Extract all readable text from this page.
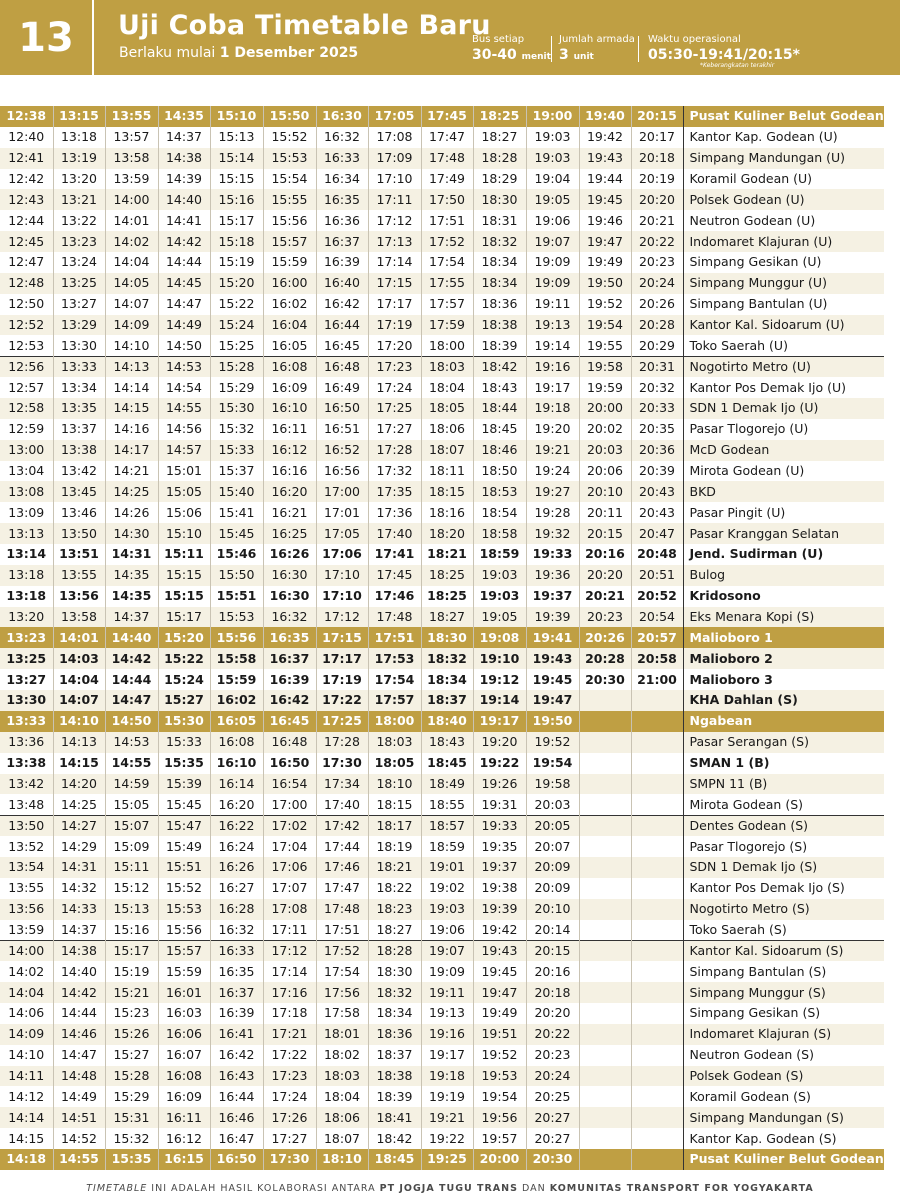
13	Uji Coba Timetable Baru
Berlaku mulai 1 Desember 2025
Bus setiap
30-40 menit
Jumlah armada
3 unit
Waktu operasional
05:30-19:41/20:15*
*Keberangkatan terakhir
12:38	13:15	13:55	14:35	15:10	15:50	16:30	17:05	17:45	18:25	19:00	19:40	20:15	Pusat Kuliner Belut Godean
12:40	13:18	13:57	14:37	15:13	15:52	16:32	17:08	17:47	18:27	19:03	19:42	20:17	Kantor Kap. Godean (U)
12:41	13:19	13:58	14:38	15:14	15:53	16:33	17:09	17:48	18:28	19:03	19:43	20:18	Simpang Mandungan (U)
12:42	13:20	13:59	14:39	15:15	15:54	16:34	17:10	17:49	18:29	19:04	19:44	20:19	Koramil Godean (U)
12:43	13:21	14:00	14:40	15:16	15:55	16:35	17:11	17:50	18:30	19:05	19:45	20:20	Polsek Godean (U)
12:44	13:22	14:01	14:41	15:17	15:56	16:36	17:12	17:51	18:31	19:06	19:46	20:21	Neutron Godean (U)
12:45	13:23	14:02	14:42	15:18	15:57	16:37	17:13	17:52	18:32	19:07	19:47	20:22	Indomaret Klajuran (U)
12:47	13:24	14:04	14:44	15:19	15:59	16:39	17:14	17:54	18:34	19:09	19:49	20:23	Simpang Gesikan (U)
12:48	13:25	14:05	14:45	15:20	16:00	16:40	17:15	17:55	18:34	19:09	19:50	20:24	Simpang Munggur (U)
12:50	13:27	14:07	14:47	15:22	16:02	16:42	17:17	17:57	18:36	19:11	19:52	20:26	Simpang Bantulan (U)
12:52	13:29	14:09	14:49	15:24	16:04	16:44	17:19	17:59	18:38	19:13	19:54	20:28	Kantor Kal. Sidoarum (U)
12:53	13:30	14:10	14:50	15:25	16:05	16:45	17:20	18:00	18:39	19:14	19:55	20:29	Toko Saerah (U)
12:56	13:33	14:13	14:53	15:28	16:08	16:48	17:23	18:03	18:42	19:16	19:58	20:31	Nogotirto Metro (U)
12:57	13:34	14:14	14:54	15:29	16:09	16:49	17:24	18:04	18:43	19:17	19:59	20:32	Kantor Pos Demak Ijo (U)
12:58	13:35	14:15	14:55	15:30	16:10	16:50	17:25	18:05	18:44	19:18	20:00	20:33	SDN 1 Demak Ijo (U)
12:59	13:37	14:16	14:56	15:32	16:11	16:51	17:27	18:06	18:45	19:20	20:02	20:35	Pasar Tlogorejo (U)
13:00	13:38	14:17	14:57	15:33	16:12	16:52	17:28	18:07	18:46	19:21	20:03	20:36	McD Godean
13:04	13:42	14:21	15:01	15:37	16:16	16:56	17:32	18:11	18:50	19:24	20:06	20:39	Mirota Godean (U)
13:08	13:45	14:25	15:05	15:40	16:20	17:00	17:35	18:15	18:53	19:27	20:10	20:43	BKD
13:09	13:46	14:26	15:06	15:41	16:21	17:01	17:36	18:16	18:54	19:28	20:11	20:43	Pasar Pingit (U)
13:13	13:50	14:30	15:10	15:45	16:25	17:05	17:40	18:20	18:58	19:32	20:15	20:47	Pasar Kranggan Selatan
13:14	13:51	14:31	15:11	15:46	16:26	17:06	17:41	18:21	18:59	19:33	20:16	20:48	Jend. Sudirman (U)
13:18	13:55	14:35	15:15	15:50	16:30	17:10	17:45	18:25	19:03	19:36	20:20	20:51	Bulog
13:18	13:56	14:35	15:15	15:51	16:30	17:10	17:46	18:25	19:03	19:37	20:21	20:52	Kridosono
13:20	13:58	14:37	15:17	15:53	16:32	17:12	17:48	18:27	19:05	19:39	20:23	20:54	Eks Menara Kopi (S)
13:23	14:01	14:40	15:20	15:56	16:35	17:15	17:51	18:30	19:08	19:41	20:26	20:57	Malioboro 1
13:25	14:03	14:42	15:22	15:58	16:37	17:17	17:53	18:32	19:10	19:43	20:28	20:58	Malioboro 2
13:27	14:04	14:44	15:24	15:59	16:39	17:19	17:54	18:34	19:12	19:45	20:30	21:00	Malioboro 3
13:30	14:07	14:47	15:27	16:02	16:42	17:22	17:57	18:37	19:14	19:47			KHA Dahlan (S)
13:33	14:10	14:50	15:30	16:05	16:45	17:25	18:00	18:40	19:17	19:50			Ngabean
13:36	14:13	14:53	15:33	16:08	16:48	17:28	18:03	18:43	19:20	19:52			Pasar Serangan (S)
13:38	14:15	14:55	15:35	16:10	16:50	17:30	18:05	18:45	19:22	19:54			SMAN 1 (B)
13:42	14:20	14:59	15:39	16:14	16:54	17:34	18:10	18:49	19:26	19:58			SMPN 11 (B)
13:48	14:25	15:05	15:45	16:20	17:00	17:40	18:15	18:55	19:31	20:03			Mirota Godean (S)
13:50	14:27	15:07	15:47	16:22	17:02	17:42	18:17	18:57	19:33	20:05			Dentes Godean (S)
13:52	14:29	15:09	15:49	16:24	17:04	17:44	18:19	18:59	19:35	20:07			Pasar Tlogorejo (S)
13:54	14:31	15:11	15:51	16:26	17:06	17:46	18:21	19:01	19:37	20:09			SDN 1 Demak Ijo (S)
13:55	14:32	15:12	15:52	16:27	17:07	17:47	18:22	19:02	19:38	20:09			Kantor Pos Demak Ijo (S)
13:56	14:33	15:13	15:53	16:28	17:08	17:48	18:23	19:03	19:39	20:10			Nogotirto Metro (S)
13:59	14:37	15:16	15:56	16:32	17:11	17:51	18:27	19:06	19:42	20:14			Toko Saerah (S)
14:00	14:38	15:17	15:57	16:33	17:12	17:52	18:28	19:07	19:43	20:15			Kantor Kal. Sidoarum (S)
14:02	14:40	15:19	15:59	16:35	17:14	17:54	18:30	19:09	19:45	20:16			Simpang Bantulan (S)
14:04	14:42	15:21	16:01	16:37	17:16	17:56	18:32	19:11	19:47	20:18			Simpang Munggur (S)
14:06	14:44	15:23	16:03	16:39	17:18	17:58	18:34	19:13	19:49	20:20			Simpang Gesikan (S)
14:09	14:46	15:26	16:06	16:41	17:21	18:01	18:36	19:16	19:51	20:22			Indomaret Klajuran (S)
14:10	14:47	15:27	16:07	16:42	17:22	18:02	18:37	19:17	19:52	20:23			Neutron Godean (S)
14:11	14:48	15:28	16:08	16:43	17:23	18:03	18:38	19:18	19:53	20:24			Polsek Godean (S)
14:12	14:49	15:29	16:09	16:44	17:24	18:04	18:39	19:19	19:54	20:25			Koramil Godean (S)
14:14	14:51	15:31	16:11	16:46	17:26	18:06	18:41	19:21	19:56	20:27			Simpang Mandungan (S)
14:15	14:52	15:32	16:12	16:47	17:27	18:07	18:42	19:22	19:57	20:27			Kantor Kap. Godean (S)
14:18	14:55	15:35	16:15	16:50	17:30	18:10	18:45	19:25	20:00	20:30			Pusat Kuliner Belut Godean
TIMETABLE INI ADALAH HASIL KOLABORASI ANTARA PT JOGJA TUGU TRANS DAN KOMUNITAS TRANSPORT FOR YOGYAKARTA
